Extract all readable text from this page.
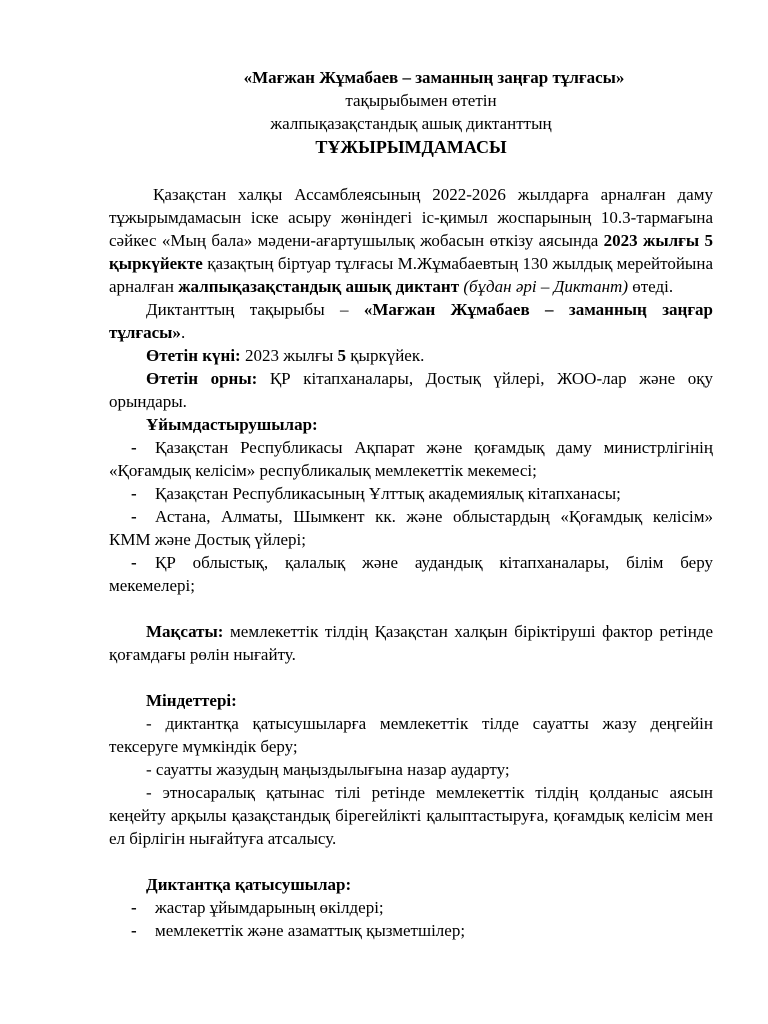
«Мағжан Жұмабаев – заманның заңғар тұлғасы»
тақырыбымен өтетін
жалпықазақстандық ашық диктанттың
ТҰЖЫРЫМДАМАСЫ

Қазақстан халқы Ассамблеясының 2022-2026 жылдарға арналған даму тұжырымдамасын іске асыру жөніндегі іс-қимыл жоспарының 10.3-тармағына сәйкес «Мың бала» мәдени-ағартушылық жобасын өткізу аясында 2023 жылғы 5 қыркүйекте қазақтың біртуар тұлғасы М.Жұмабаевтың 130 жылдық мерейтойына арналған жалпықазақстандық ашық диктант (бұдан әрі – Диктант) өтеді.

Диктанттың тақырыбы – «Мағжан Жұмабаев – заманның заңғар тұлғасы».

Өтетін күні: 2023 жылғы 5 қыркүйек.

Өтетін орны: ҚР кітапханалары, Достық үйлері, ЖОО-лар және оқу орындары.

Ұйымдастырушылар:

- Қазақстан Республикасы Ақпарат және қоғамдық даму министрлігінің «Қоғамдық келісім» республикалық мемлекеттік мекемесі;

- Қазақстан Республикасының Ұлттық академиялық кітапханасы;

- Астана, Алматы, Шымкент кк. және облыстардың «Қоғамдық келісім» КММ және Достық үйлері;

- ҚР облыстық, қалалық және аудандық кітапханалары, білім беру мекемелері;

Мақсаты: мемлекеттік тілдің Қазақстан халқын біріктіруші фактор ретінде қоғамдағы рөлін нығайту.

Міндеттері:

- диктантқа қатысушыларға мемлекеттік тілде сауатты жазу деңгейін тексеруге мүмкіндік беру;

- сауатты жазудың маңыздылығына назар аударту;

- этносаралық қатынас тілі ретінде мемлекеттік тілдің қолданыс аясын кеңейту арқылы қазақстандық бірегейлікті қалыптастыруға, қоғамдық келісім мен ел бірлігін нығайтуға атсалысу.

Диктантқа қатысушылар:

- жастар ұйымдарының өкілдері;

- мемлекеттік және азаматтық қызметшілер;
